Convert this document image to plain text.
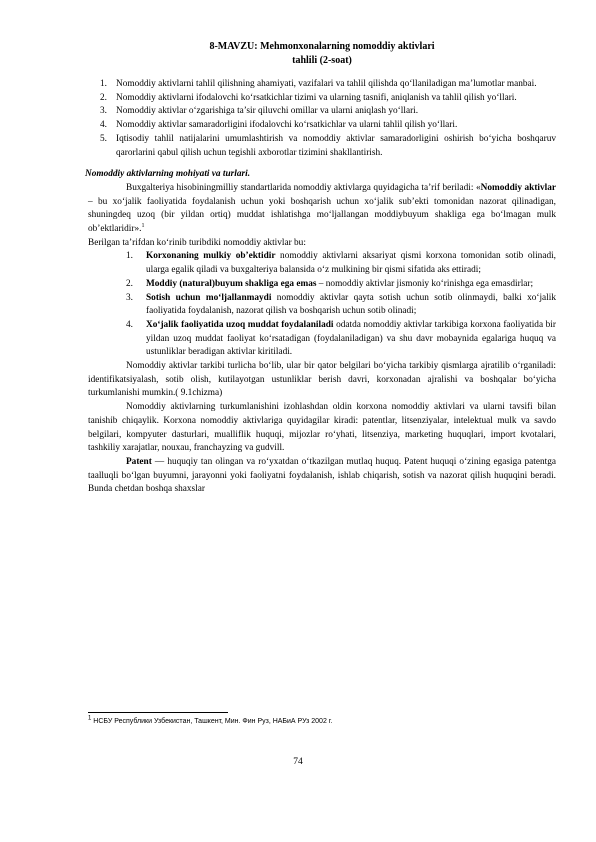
8-MAVZU: Mehmonxonalarning nomoddiy aktivlari

tahlili (2-soat)

1. Nomoddiy aktivlarni tahlil qilishning ahamiyati, vazifalari va tahlil qilishda qo‘llaniladigan ma’lumotlar manbai.
2. Nomoddiy aktivlarni ifodalovchi ko‘rsatkichlar tizimi va ularning tasnifi, aniqlanish va tahlil qilish yo‘llari.
3. Nomoddiy aktivlar o‘zgarishiga ta’sir qiluvchi omillar va ularni aniqlash yo‘llari.
4. Nomoddiy aktivlar samaradorligini ifodalovchi ko‘rsatkichlar va ularni tahlil qilish yo‘llari.
5. Iqtisodiy tahlil natijalarini umumlashtirish va nomoddiy aktivlar samaradorligini oshirish bo‘yicha boshqaruv qarorlarini qabul qilish uchun tegishli axborotlar tizimini shakllantirish.

Nomoddiy aktivlarning mohiyati va turlari.

Buxgalteriya hisobiningmilliy standartlarida nomoddiy aktivlarga quyidagicha ta’rif beriladi: «Nomoddiy aktivlar – bu xo‘jalik faoliyatida foydalanish uchun yoki boshqarish uchun xo‘jalik sub’ekti tomonidan nazorat qilinadigan, shuningdeq uzoq (bir yildan ortiq) muddat ishlatishga mo‘ljallangan moddiybuyum shakliga ega bo‘lmagan mulk ob’ektlaridir».$^1$

Berilgan ta’rifdan ko‘rinib turibdiki nomoddiy aktivlar bu:

1. Korxonaning mulkiy ob’ektidir nomoddiy aktivlarni aksariyat qismi korxona tomonidan sotib olinadi, ularga egalik qiladi va buxgalteriya balansida o‘z mulkining bir qismi sifatida aks ettiradi;
2. Moddiy (natural)buyum shakliga ega emas – nomoddiy aktivlar jismoniy ko‘rinishga ega emasdirlar;
3. Sotish uchun mo‘ljallanmaydi nomoddiy aktivlar qayta sotish uchun sotib olinmaydi, balki xo‘jalik faoliyatida foydalanish, nazorat qilish va boshqarish uchun sotib olinadi;
4. Xo‘jalik faoliyatida uzoq muddat foydalaniladi odatda nomoddiy aktivlar tarkibiga korxona faoliyatida bir yildan uzoq muddat faoliyat ko‘rsatadigan (foydalaniladigan) va shu davr mobaynida egalariga huquq va ustunliklar beradigan aktivlar kiritiladi.

Nomoddiy aktivlar tarkibi turlicha bo‘lib, ular bir qator belgilari bo‘yicha tarkibiy qismlarga ajratilib o‘rganiladi: identifikatsiyalash, sotib olish, kutilayotgan ustunliklar berish davri, korxonadan ajralishi va boshqalar bo‘yicha turkumlanishi mumkin.( 9.1chizma)

Nomoddiy aktivlarning turkumlanishini izohlashdan oldin korxona nomoddiy aktivlari va ularni tavsifi bilan tanishib chiqaylik. Korxona nomoddiy aktivlariga quyidagilar kiradi: patentlar, litsenziyalar, intelektual mulk va savdo belgilari, kompyuter dasturlari, mualliflik huquqi, mijozlar ro‘yhati, litsenziya, marketing huquqlari, import kvotalari, tashkiliy xarajatlar, nouxau, franchayzing va gudvill.

Patent — huquqiy tan olingan va ro‘yxatdan o‘tkazilgan mutlaq huquq. Patent huquqi o‘zining egasiga patentga taalluqli bo‘lgan buyumni, jarayonni yoki faoliyatni foydalanish, ishlab chiqarish, sotish va nazorat qilish huquqini beradi. Bunda chetdan boshqa shaxslar

$^1$ НСБУ Республики Узбекистан, Ташкент, Мин. Фин Руз, НАБиА РУз 2002 г.
74
